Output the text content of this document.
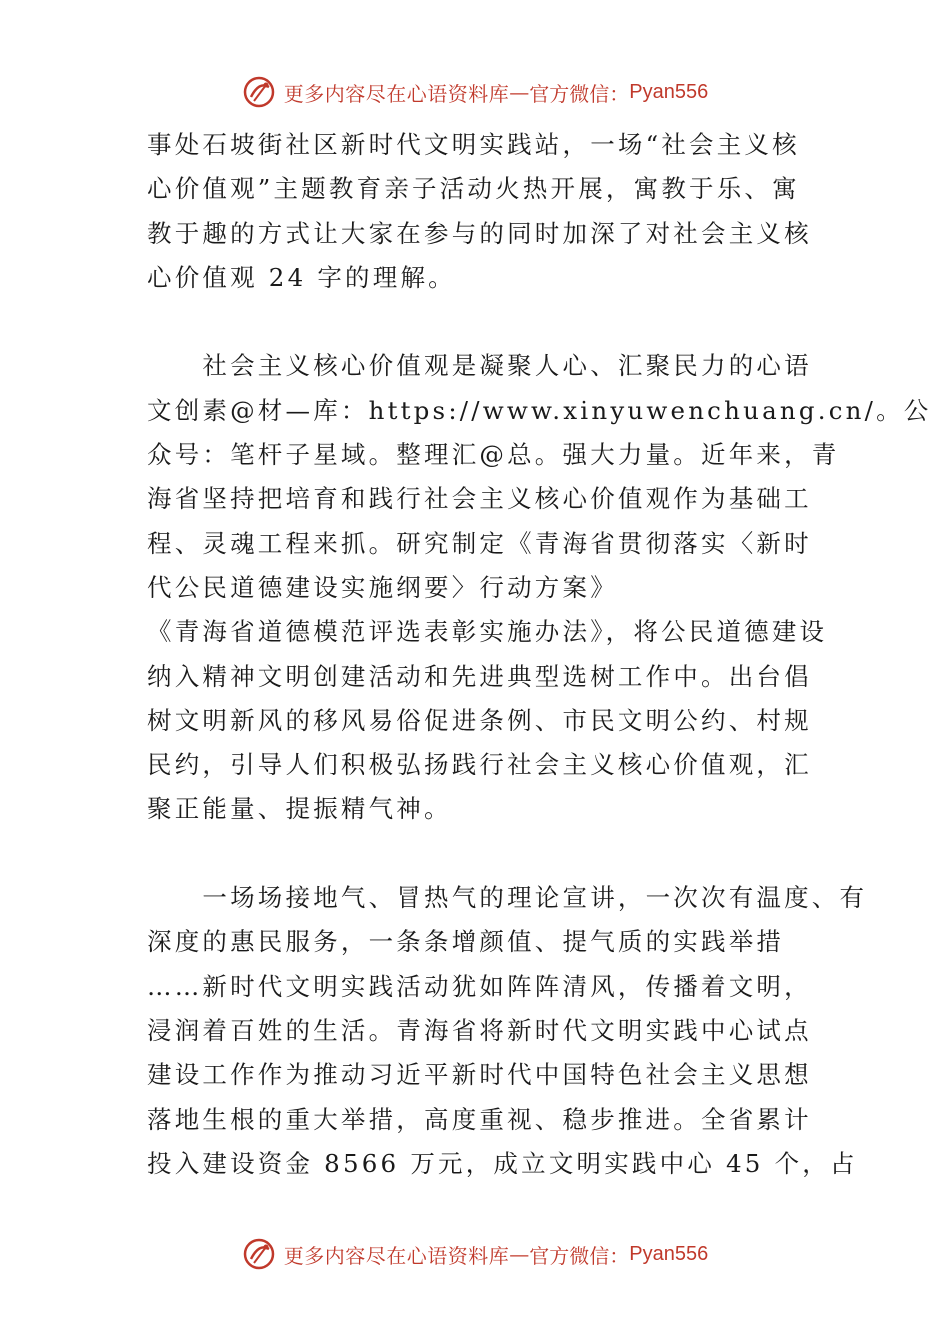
更多内容尽在心语资料库 — 官方微信： Pyan556
事处石坡街社区新时代文明实践站，一场“社会主义核
心价值观”主题教育亲子活动火热开展，寓教于乐、寓
教于趣的方式让大家在参与的同时加深了对社会主义核
心价值观 24 字的理解。
　　社会主义核心价值观是凝聚人心、汇聚民力的心语
文创素@材—库：https://www.xinyuwenchuang.cn/。公
众号：笔杆子星域。整理汇@总。强大力量。近年来，青
海省坚持把培育和践行社会主义核心价值观作为基础工
程、灵魂工程来抓。研究制定《青海省贯彻落实〈新时
代公民道德建设实施纲要〉行动方案》
《青海省道德模范评选表彰实施办法》，将公民道德建设
纳入精神文明创建活动和先进典型选树工作中。出台倡
树文明新风的移风易俗促进条例、市民文明公约、村规
民约，引导人们积极弘扬践行社会主义核心价值观，汇
聚正能量、提振精气神。
　　一场场接地气、冒热气的理论宣讲，一次次有温度、有
深度的惠民服务，一条条增颜值、提气质的实践举措
……新时代文明实践活动犹如阵阵清风，传播着文明，
浸润着百姓的生活。青海省将新时代文明实践中心试点
建设工作作为推动习近平新时代中国特色社会主义思想
落地生根的重大举措，高度重视、稳步推进。全省累计
投入建设资金 8566 万元，成立文明实践中心 45 个，占
更多内容尽在心语资料库 — 官方微信： Pyan556
